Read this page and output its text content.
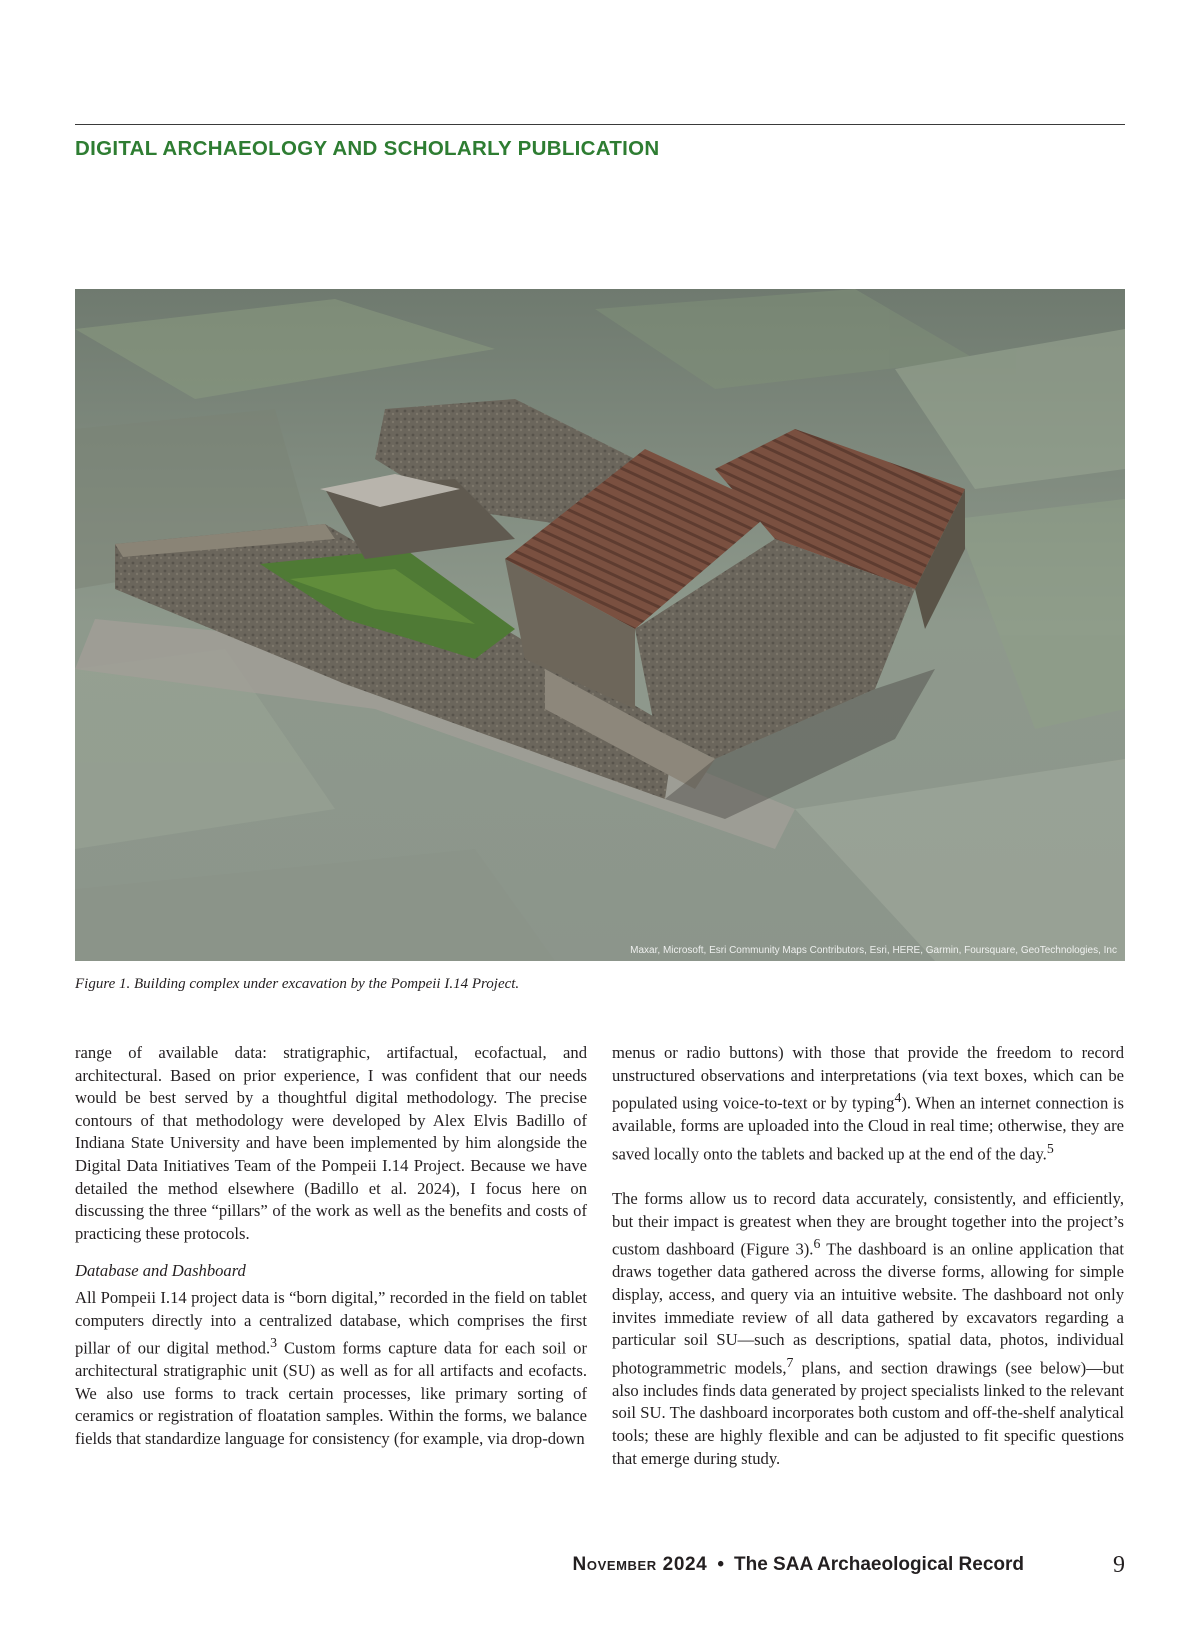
DIGITAL ARCHAEOLOGY AND SCHOLARLY PUBLICATION
Maxar, Microsoft, Esri Community Maps Contributors, Esri, HERE, Garmin, Foursquare, GeoTechnologies, Inc
Figure 1. Building complex under excavation by the Pompeii I.14 Project.

range of available data: stratigraphic, artifactual, ecofactual, and architectural. Based on prior experience, I was confident that our needs would be best served by a thoughtful digital methodology. The precise contours of that methodology were developed by Alex Elvis Badillo of Indiana State University and have been implemented by him alongside the Digital Data Initiatives Team of the Pompeii I.14 Project. Because we have detailed the method elsewhere (Badillo et al. 2024), I focus here on discussing the three “pillars” of the work as well as the benefits and costs of practicing these protocols.

Database and Dashboard

All Pompeii I.14 project data is “born digital,” recorded in the field on tablet computers directly into a centralized database, which comprises the first pillar of our digital method.$^3$ Custom forms capture data for each soil or architectural stratigraphic unit (SU) as well as for all artifacts and ecofacts. We also use forms to track certain processes, like primary sorting of ceramics or registration of floatation samples. Within the forms, we balance fields that standardize language for consistency (for example, via drop-down

menus or radio buttons) with those that provide the freedom to record unstructured observations and interpretations (via text boxes, which can be populated using voice-to-text or by typing$^4$). When an internet connection is available, forms are uploaded into the Cloud in real time; otherwise, they are saved locally onto the tablets and backed up at the end of the day.$^5$

The forms allow us to record data accurately, consistently, and efficiently, but their impact is greatest when they are brought together into the project’s custom dashboard (Figure 3).$^6$ The dashboard is an online application that draws together data gathered across the diverse forms, allowing for simple display, access, and query via an intuitive website. The dashboard not only invites immediate review of all data gathered by excavators regarding a particular soil SU—such as descriptions, spatial data, photos, individual photogrammetric models,$^7$ plans, and section drawings (see below)—but also includes finds data generated by project specialists linked to the relevant soil SU. The dashboard incorporates both custom and off-the-shelf analytical tools; these are highly flexible and can be adjusted to fit specific questions that emerge during study.

November 2024 • The SAA Archaeological Record	9
